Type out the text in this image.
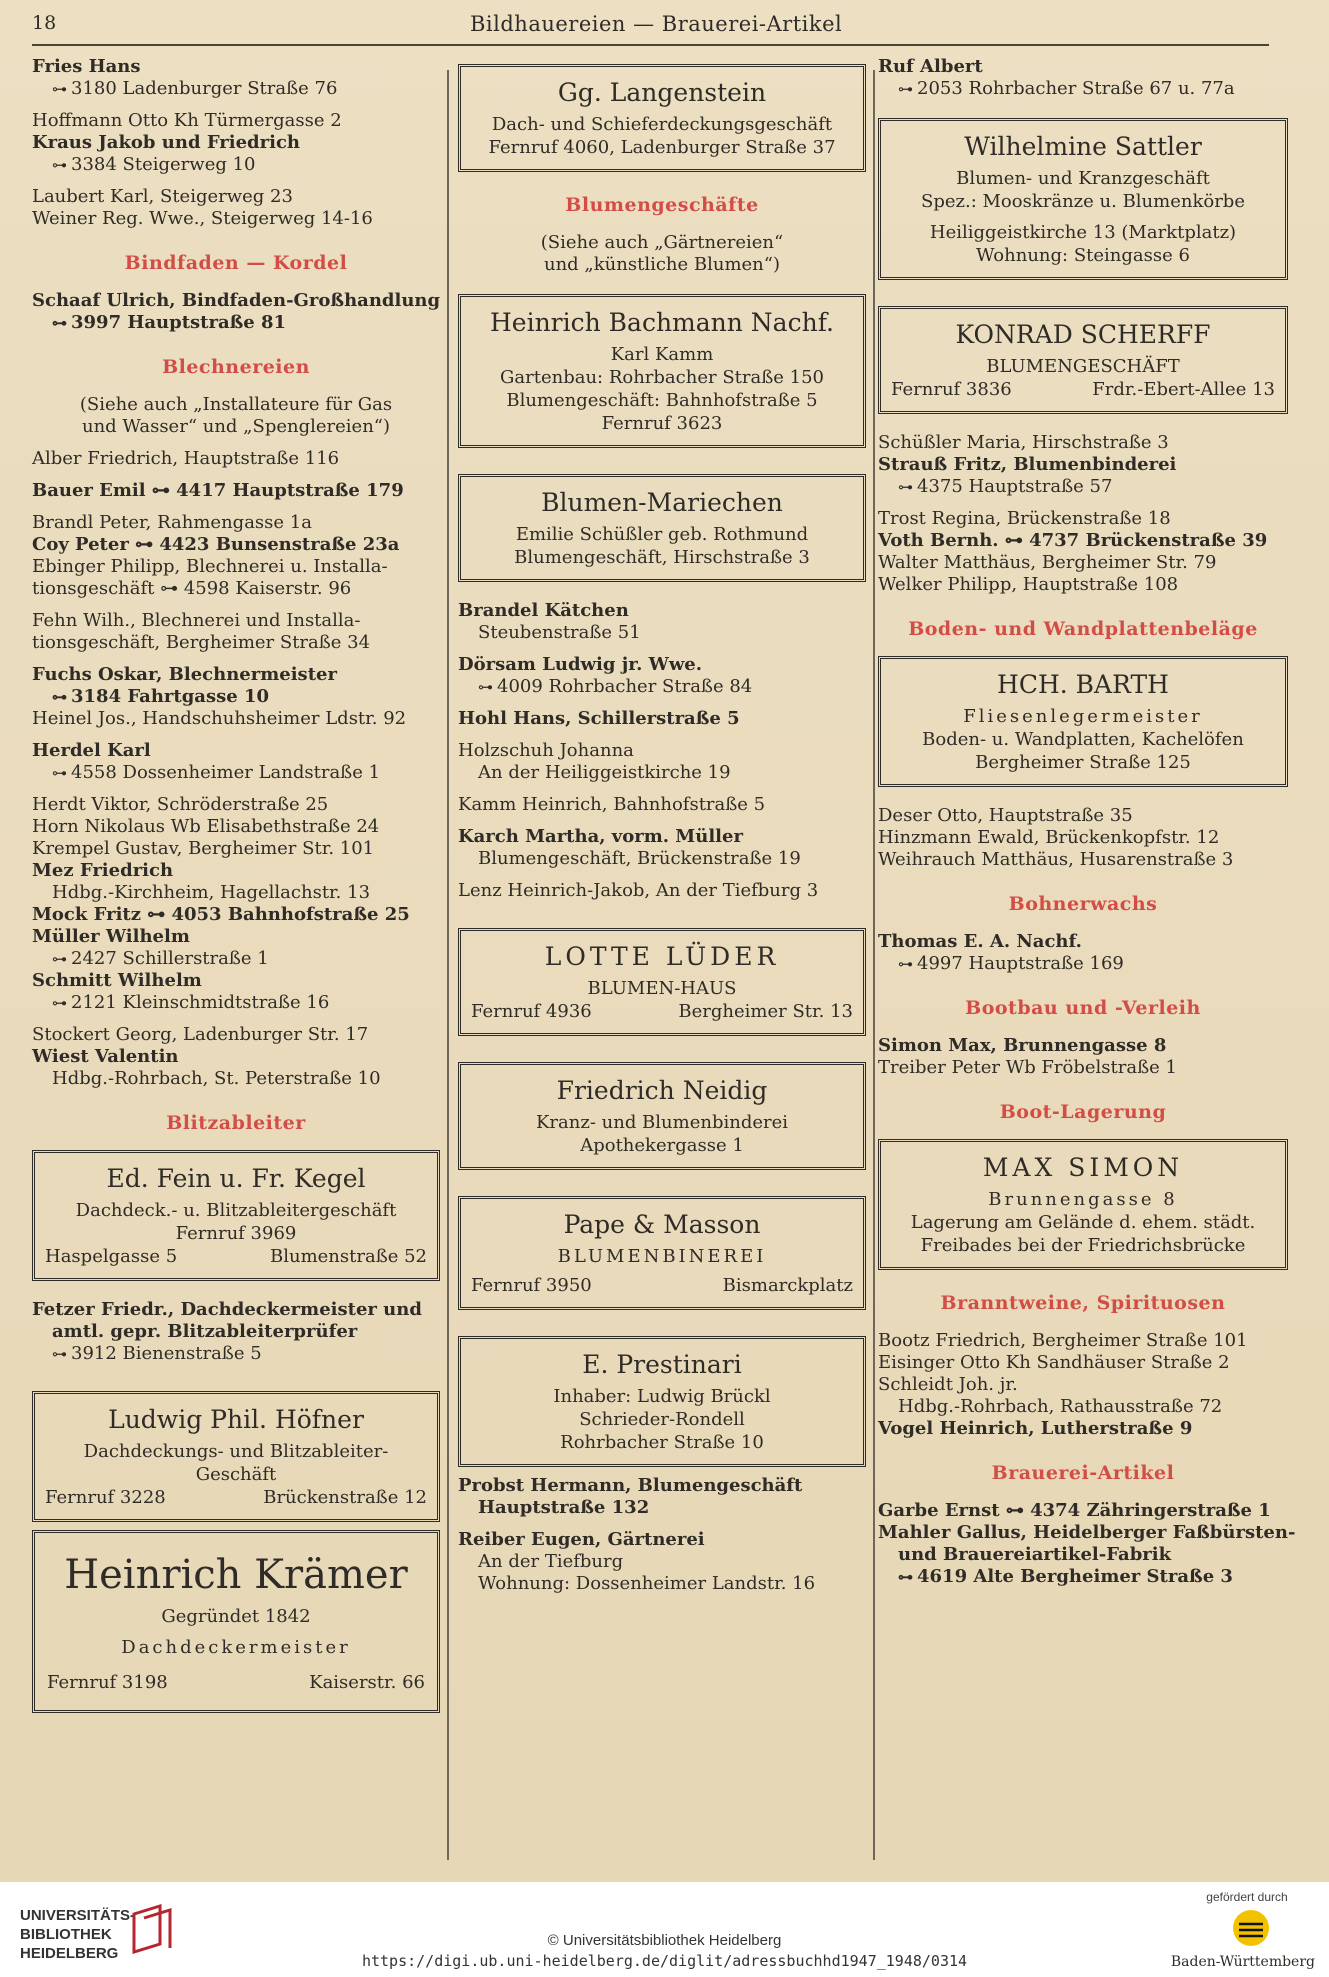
18	Bildhauereien — Brauerei-Artikel

Fries Hans

⊶ 3180 Ladenburger Straße 76

Hoffmann Otto Kh Türmergasse 2

Kraus Jakob und Friedrich

⊶ 3384 Steigerweg 10

Laubert Karl, Steigerweg 23

Weiner Reg. Wwe., Steigerweg 14-16

Bindfaden — Kordel

Schaaf Ulrich, Bindfaden-Großhandlung

⊶ 3997 Hauptstraße 81

Blechnereien

(Siehe auch „Installateure für Gas

und Wasser“ und „Spenglereien“)

Alber Friedrich, Hauptstraße 116

Bauer Emil ⊶ 4417 Hauptstraße 179

Brandl Peter, Rahmengasse 1a

Coy Peter ⊶ 4423 Bunsenstraße 23a

Ebinger Philipp, Blechnerei u. Installa-

tionsgeschäft ⊶ 4598 Kaiserstr. 96

Fehn Wilh., Blechnerei und Installa-

tionsgeschäft, Bergheimer Straße 34

Fuchs Oskar, Blechnermeister

⊶ 3184 Fahrtgasse 10

Heinel Jos., Handschuhsheimer Ldstr. 92

Herdel Karl

⊶ 4558 Dossenheimer Landstraße 1

Herdt Viktor, Schröderstraße 25

Horn Nikolaus Wb Elisabethstraße 24

Krempel Gustav, Bergheimer Str. 101

Mez Friedrich

Hdbg.-Kirchheim, Hagellachstr. 13

Mock Fritz ⊶ 4053 Bahnhofstraße 25

Müller Wilhelm

⊶ 2427 Schillerstraße 1

Schmitt Wilhelm

⊶ 2121 Kleinschmidtstraße 16

Stockert Georg, Ladenburger Str. 17

Wiest Valentin

Hdbg.-Rohrbach, St. Peterstraße 10

Blitzableiter
Ed. Fein u. Fr. Kegel
Dachdeck.- u. Blitzableitergeschäft
Fernruf 3969
Haspelgasse 5	Blumenstraße 52

Fetzer Friedr., Dachdeckermeister und

amtl. gepr. Blitzableiterprüfer

⊶ 3912 Bienenstraße 5

Ludwig Phil. Höfner
Dachdeckungs- und Blitzableiter-
Geschäft
Fernruf 3228	Brückenstraße 12
Heinrich Krämer
Gegründet 1842
Dachdeckermeister
Fernruf 3198	Kaiserstr. 66
Gg. Langenstein
Dach- und Schieferdeckungsgeschäft
Fernruf 4060, Ladenburger Straße 37
Blumengeschäfte

(Siehe auch „Gärtnereien“

und „künstliche Blumen“)

Heinrich Bachmann Nachf.
Karl Kamm
Gartenbau: Rohrbacher Straße 150
Blumengeschäft: Bahnhofstraße 5
Fernruf 3623
Blumen-Mariechen
Emilie Schüßler geb. Rothmund
Blumengeschäft, Hirschstraße 3

Brandel Kätchen

Steubenstraße 51

Dörsam Ludwig jr. Wwe.

⊶ 4009 Rohrbacher Straße 84

Hohl Hans, Schillerstraße 5

Holzschuh Johanna

An der Heiliggeistkirche 19

Kamm Heinrich, Bahnhofstraße 5

Karch Martha, vorm. Müller

Blumengeschäft, Brückenstraße 19

Lenz Heinrich-Jakob, An der Tiefburg 3

LOTTE LÜDER
BLUMEN-HAUS
Fernruf 4936	Bergheimer Str. 13
Friedrich Neidig
Kranz- und Blumenbinderei
Apothekergasse 1
Pape & Masson
BLUMENBINEREI
Fernruf 3950	Bismarckplatz
E. Prestinari
Inhaber: Ludwig Brückl
Schrieder-Rondell
Rohrbacher Straße 10

Probst Hermann, Blumengeschäft

Hauptstraße 132

Reiber Eugen, Gärtnerei

An der Tiefburg

Wohnung: Dossenheimer Landstr. 16

Ruf Albert

⊶ 2053 Rohrbacher Straße 67 u. 77a

Wilhelmine Sattler
Blumen- und Kranzgeschäft
Spez.: Mooskränze u. Blumenkörbe
Heiliggeistkirche 13 (Marktplatz)
Wohnung: Steingasse 6
KONRAD SCHERFF
BLUMENGESCHÄFT
Fernruf 3836	Frdr.-Ebert-Allee 13

Schüßler Maria, Hirschstraße 3

Strauß Fritz, Blumenbinderei

⊶ 4375 Hauptstraße 57

Trost Regina, Brückenstraße 18

Voth Bernh. ⊶ 4737 Brückenstraße 39

Walter Matthäus, Bergheimer Str. 79

Welker Philipp, Hauptstraße 108

Boden- und Wandplattenbeläge
HCH. BARTH
Fliesenlegermeister
Boden- u. Wandplatten, Kachelöfen
Bergheimer Straße 125

Deser Otto, Hauptstraße 35

Hinzmann Ewald, Brückenkopfstr. 12

Weihrauch Matthäus, Husarenstraße 3

Bohnerwachs

Thomas E. A. Nachf.

⊶ 4997 Hauptstraße 169

Bootbau und -Verleih

Simon Max, Brunnengasse 8

Treiber Peter Wb Fröbelstraße 1

Boot-Lagerung
MAX SIMON
Brunnengasse 8
Lagerung am Gelände d. ehem. städt.
Freibades bei der Friedrichsbrücke
Branntweine, Spirituosen

Bootz Friedrich, Bergheimer Straße 101

Eisinger Otto Kh Sandhäuser Straße 2

Schleidt Joh. jr.

Hdbg.-Rohrbach, Rathausstraße 72

Vogel Heinrich, Lutherstraße 9

Brauerei-Artikel

Garbe Ernst ⊶ 4374 Zähringerstraße 1

Mahler Gallus, Heidelberger Faßbürsten-

und Brauereiartikel-Fabrik

⊶ 4619 Alte Bergheimer Straße 3

UNIVERSITÄTS-
BIBLIOTHEK
HEIDELBERG
© Universitätsbibliothek Heidelberg
https://digi.ub.uni-heidelberg.de/diglit/adressbuchhd1947_1948/0314
gefördert durch
Baden-Württemberg
